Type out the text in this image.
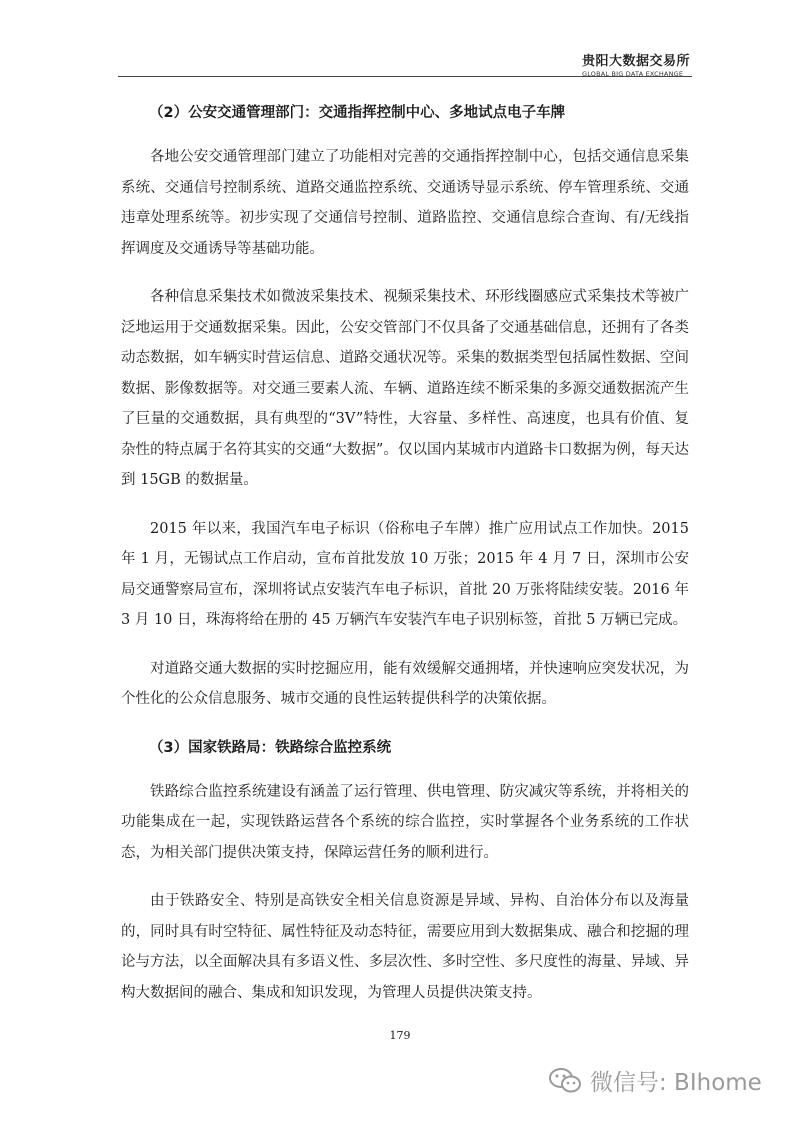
贵阳大数据交易所
GLOBAL BIG DATA EXCHANGE
（2）公安交通管理部门：交通指挥控制中心、多地试点电子车牌

各地公安交通管理部门建立了功能相对完善的交通指挥控制中心，包括交通信息采集系统、交通信号控制系统、道路交通监控系统、交通诱导显示系统、停车管理系统、交通违章处理系统等。初步实现了交通信号控制、道路监控、交通信息综合查询、有/无线指挥调度及交通诱导等基础功能。

各种信息采集技术如微波采集技术、视频采集技术、环形线圈感应式采集技术等被广泛地运用于交通数据采集。因此，公安交管部门不仅具备了交通基础信息，还拥有了各类动态数据，如车辆实时营运信息、道路交通状况等。采集的数据类型包括属性数据、空间数据、影像数据等。对交通三要素人流、车辆、道路连续不断采集的多源交通数据流产生了巨量的交通数据，具有典型的“3V”特性，大容量、多样性、高速度，也具有价值、复杂性的特点属于名符其实的交通“大数据”。仅以国内某城市内道路卡口数据为例，每天达到 15GB 的数据量。

2015 年以来，我国汽车电子标识（俗称电子车牌）推广应用试点工作加快。2015 年 1 月，无锡试点工作启动，宣布首批发放 10 万张；2015 年 4 月 7 日，深圳市公安局交通警察局宣布，深圳将试点安装汽车电子标识，首批 20 万张将陆续安装。2016 年 3 月 10 日，珠海将给在册的 45 万辆汽车安装汽车电子识别标签，首批 5 万辆已完成。

对道路交通大数据的实时挖掘应用，能有效缓解交通拥堵，并快速响应突发状况，为个性化的公众信息服务、城市交通的良性运转提供科学的决策依据。

（3）国家铁路局：铁路综合监控系统

铁路综合监控系统建设有涵盖了运行管理、供电管理、防灾减灾等系统，并将相关的功能集成在一起，实现铁路运营各个系统的综合监控，实时掌握各个业务系统的工作状态，为相关部门提供决策支持，保障运营任务的顺利进行。

由于铁路安全、特别是高铁安全相关信息资源是异域、异构、自治体分布以及海量的，同时具有时空特征、属性特征及动态特征，需要应用到大数据集成、融合和挖掘的理论与方法，以全面解决具有多语义性、多层次性、多时空性、多尺度性的海量、异域、异构大数据间的融合、集成和知识发现，为管理人员提供决策支持。

179
微信号: BIhome
